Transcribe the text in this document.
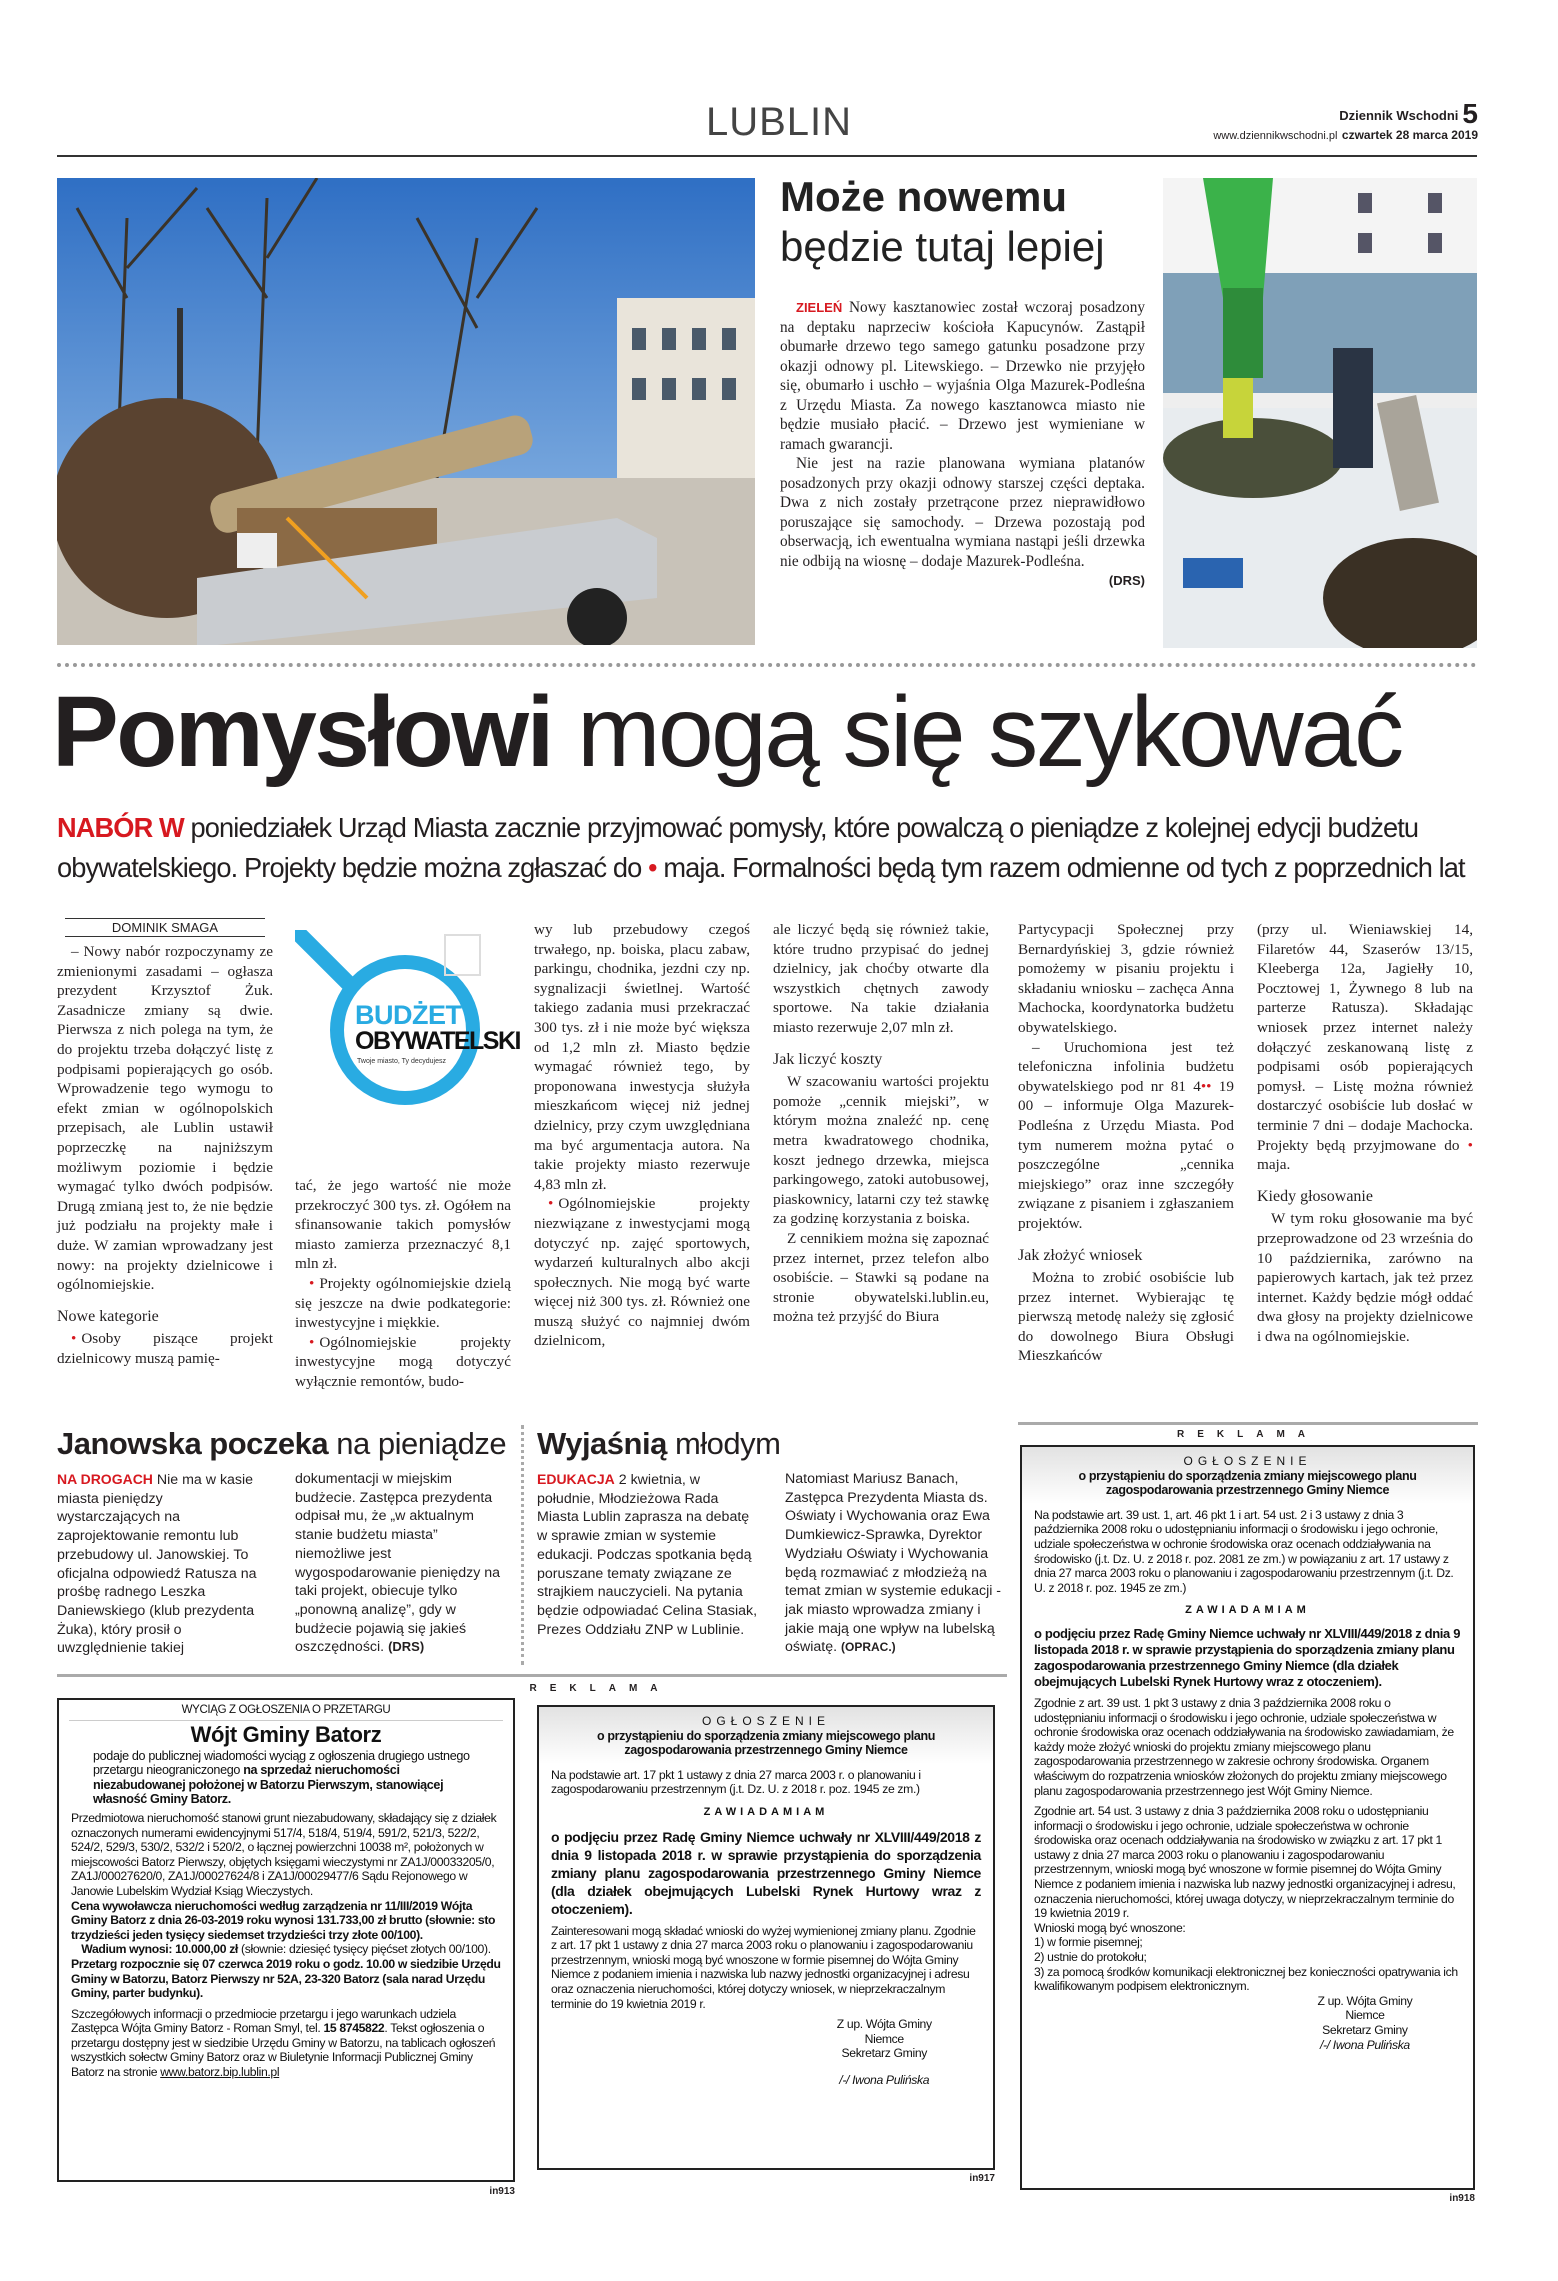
LUBLIN	Dziennik Wschodni 5
www.dziennikwschodni.pl czwartek 28 marca 2019
Może nowemu
będzie tutaj lepiej

ZIELEŃ Nowy kasztanowiec został wczoraj posadzony na deptaku naprzeciw kościoła Kapucynów. Zastąpił obumarłe drzewo tego samego gatunku posadzone przy okazji odnowy pl. Litewskiego. – Drzewko nie przyjęło się, obumarło i uschło – wyjaśnia Olga Mazurek-Podleśna z Urzędu Miasta. Za nowego kasztanowca miasto nie będzie musiało płacić. – Drzewo jest wymieniane w ramach gwarancji.

Nie jest na razie planowana wymiana platanów posadzonych przy okazji odnowy starszej części deptaka. Dwa z nich zostały przetrącone przez nieprawidłowo poruszające się samochody. – Drzewa pozostają pod obserwacją, ich ewentualna wymiana nastąpi jeśli drzewka nie odbiją na wiosnę – dodaje Mazurek-Podleśna.

(DRS)
Pomysłowi mogą się szykować
NABÓR W poniedziałek Urząd Miasta zacznie przyjmować pomysły, które powalczą o pieniądze z kolejnej edycji budżetu obywatelskiego. Projekty będzie można zgłaszać do • maja. Formalności będą tym razem odmienne od tych z poprzednich lat
DOMINIK SMAGA
BUDŻET
OBYWATELSKI
Twoje miasto, Ty decydujesz

– Nowy nabór rozpoczynamy ze zmienionymi zasadami – ogłasza prezydent Krzysztof Żuk. Zasadnicze zmiany są dwie. Pierwsza z nich polega na tym, że do projektu trzeba dołączyć listę z podpisami popierających go osób. Wprowadzenie tego wymogu to efekt zmian w ogólnopolskich przepisach, ale Lublin ustawił poprzeczkę na najniższym możliwym poziomie i będzie wymagać tylko dwóch podpisów. Drugą zmianą jest to, że nie będzie już podziału na projekty małe i duże. W zamian wprowadzany jest nowy: na projekty dzielnicowe i ogólnomiejskie.

Nowe kategorie

• Osoby piszące projekt dzielnicowy muszą pamię-

tać, że jego wartość nie może przekroczyć 300 tys. zł. Ogółem na sfinansowanie takich pomysłów miasto zamierza przeznaczyć 8,1 mln zł.

• Projekty ogólnomiejskie dzielą się jeszcze na dwie podkategorie: inwestycyjne i miękkie.

• Ogólnomiejskie projekty inwestycyjne mogą dotyczyć wyłącznie remontów, budo-

wy lub przebudowy czegoś trwałego, np. boiska, placu zabaw, parkingu, chodnika, jezdni czy np. sygnalizacji świetlnej. Wartość takiego zadania musi przekraczać 300 tys. zł i nie może być większa od 1,2 mln zł. Miasto będzie wymagać również tego, by proponowana inwestycja służyła mieszkańcom więcej niż jednej dzielnicy, przy czym uwzględniana ma być argumentacja autora. Na takie projekty miasto rezerwuje 4,83 mln zł.

• Ogólnomiejskie projekty niezwiązane z inwestycjami mogą dotyczyć np. zajęć sportowych, wydarzeń kulturalnych albo akcji społecznych. Nie mogą być warte więcej niż 300 tys. zł. Również one muszą służyć co najmniej dwóm dzielnicom,

ale liczyć będą się również takie, które trudno przypisać do jednej dzielnicy, jak choćby otwarte dla wszystkich chętnych zawody sportowe. Na takie działania miasto rezerwuje 2,07 mln zł.

Jak liczyć koszty

W szacowaniu wartości projektu pomoże „cennik miejski”, w którym można znaleźć np. cenę metra kwadratowego chodnika, koszt jednego drzewka, miejsca parkingowego, zatoki autobusowej, piaskownicy, latarni czy też stawkę za godzinę korzystania z boiska.

Z cennikiem można się zapoznać przez internet, przez telefon albo osobiście. – Stawki są podane na stronie obywatelski.lublin.eu, można też przyjść do Biura

Partycypacji Społecznej przy Bernardyńskiej 3, gdzie również pomożemy w pisaniu projektu i składaniu wniosku – zachęca Anna Machocka, koordynatorka budżetu obywatelskiego.

– Uruchomiona jest też telefoniczna infolinia budżetu obywatelskiego pod nr 81 4•• 19 00 – informuje Olga Mazurek-Podleśna z Urzędu Miasta. Pod tym numerem można pytać o poszczególne „cennika miejskiego” oraz inne szczegóły związane z pisaniem i zgłaszaniem projektów.

Jak złożyć wniosek

Można to zrobić osobiście lub przez internet. Wybierając tę pierwszą metodę należy się zgłosić do dowolnego Biura Obsługi Mieszkańców

(przy ul. Wieniawskiej 14, Filaretów 44, Szaserów 13/15, Kleeberga 12a, Jagiełły 10, Pocztowej 1, Żywnego 8 lub na parterze Ratusza). Składając wniosek przez internet należy dołączyć zeskanowaną listę z podpisami osób popierających pomysł. – Listę można również dostarczyć osobiście lub dosłać w terminie 7 dni – dodaje Machocka. Projekty będą przyjmowane do • maja.

Kiedy głosowanie

W tym roku głosowanie ma być przeprowadzone od 23 września do 10 października, zarówno na papierowych kartach, jak też przez internet. Każdy będzie mógł oddać dwa głosy na projekty dzielnicowe i dwa na ogólnomiejskie.

Janowska poczeka na pieniądze
NA DROGACH Nie ma w kasie miasta pieniędzy wystarczających na zaprojektowanie remontu lub przebudowy ul. Janowskiej. To oficjalna odpowiedź Ratusza na prośbę radnego Leszka Daniewskiego (klub prezydenta Żuka), który prosił o uwzględnienie takiej dokumentacji w miejskim budżecie. Zastępca prezydenta odpisał mu, że „w aktualnym stanie budżetu miasta” niemożliwe jest wygospodarowanie pieniędzy na taki projekt, obiecuje tylko „ponowną analizę”, gdy w budżecie pojawią się jakieś oszczędności. (DRS)
Wyjaśnią młodym
EDUKACJA 2 kwietnia, w południe, Młodzieżowa Rada Miasta Lublin zaprasza na debatę w sprawie zmian w systemie edukacji. Podczas spotkania będą poruszane tematy związane ze strajkiem nauczycieli. Na pytania będzie odpowiadać Celina Stasiak, Prezes Oddziału ZNP w Lublinie. Natomiast Mariusz Banach, Zastępca Prezydenta Miasta ds. Oświaty i Wychowania oraz Ewa Dumkiewicz-Sprawka, Dyrektor Wydziału Oświaty i Wychowania będą rozmawiać z młodzieżą na temat zmian w systemie edukacji - jak miasto wprowadza zmiany i jakie mają one wpływ na lubelską oświatę. (OPRAC.)
REKLAMA
OGŁOSZENIE
o przystąpieniu do sporządzenia zmiany miejscowego planu zagospodarowania przestrzennego Gminy Niemce

Na podstawie art. 39 ust. 1, art. 46 pkt 1 i art. 54 ust. 2 i 3 ustawy z dnia 3 października 2008 roku o udostępnianiu informacji o środowisku i jego ochronie, udziale społeczeństwa w ochronie środowiska oraz ocenach oddziaływania na środowisko (j.t. Dz. U. z 2018 r. poz. 2081 ze zm.) w powiązaniu z art. 17 ustawy z dnia 27 marca 2003 roku o planowaniu i zagospodarowaniu przestrzennym (j.t. Dz. U. z 2018 r. poz. 1945 ze zm.)

ZAWIADAMIAM

o podjęciu przez Radę Gminy Niemce uchwały nr XLVIII/449/2018 z dnia 9 listopada 2018 r. w sprawie przystąpienia do sporządzenia zmiany planu zagospodarowania przestrzennego Gminy Niemce (dla działek obejmujących Lubelski Rynek Hurtowy wraz z otoczeniem).

Zgodnie z art. 39 ust. 1 pkt 3 ustawy z dnia 3 października 2008 roku o udostępnianiu informacji o środowisku i jego ochronie, udziale społeczeństwa w ochronie środowiska oraz ocenach oddziaływania na środowisko zawiadamiam, że każdy może złożyć wnioski do projektu zmiany miejscowego planu zagospodarowania przestrzennego w zakresie ochrony środowiska. Organem właściwym do rozpatrzenia wniosków złożonych do projektu zmiany miejscowego planu zagospodarowania przestrzennego jest Wójt Gminy Niemce.

Zgodnie art. 54 ust. 3 ustawy z dnia 3 października 2008 roku o udostępnianiu informacji o środowisku i jego ochronie, udziale społeczeństwa w ochronie środowiska oraz ocenach oddziaływania na środowisko w związku z art. 17 pkt 1 ustawy z dnia 27 marca 2003 roku o planowaniu i zagospodarowaniu przestrzennym, wnioski mogą być wnoszone w formie pisemnej do Wójta Gminy Niemce z podaniem imienia i nazwiska lub nazwy jednostki organizacyjnej i adresu, oznaczenia nieruchomości, której uwaga dotyczy, w nieprzekraczalnym terminie do 19 kwietnia 2019 r.

Wnioski mogą być wnoszone:
1) w formie pisemnej;
2) ustnie do protokołu;
3) za pomocą środków komunikacji elektronicznej bez konieczności opatrywania ich kwalifikowanym podpisem elektronicznym.
Z up. Wójta Gminy
Niemce
Sekretarz Gminy
/-/ Iwona Pulińska
in918
REKLAMA
WYCIĄG Z OGŁOSZENIA O PRZETARGU
Wójt Gminy Batorz
podaje do publicznej wiadomości wyciąg z ogłoszenia drugiego ustnego przetargu nieograniczonego na sprzedaż nieruchomości niezabudowanej położonej w Batorzu Pierwszym, stanowiącej własność Gminy Batorz.

Przedmiotowa nieruchomość stanowi grunt niezabudowany, składający się z działek oznaczonych numerami ewidencyjnymi 517/4, 518/4, 519/4, 591/2, 521/3, 522/2, 524/2, 529/3, 530/2, 532/2 i 520/2, o łącznej powierzchni 10038 m², położonych w miejscowości Batorz Pierwszy, objętych księgami wieczystymi nr ZA1J/00033205/0, ZA1J/00027620/0, ZA1J/00027624/8 i ZA1J/00029477/6 Sądu Rejonowego w Janowie Lubelskim Wydział Ksiąg Wieczystych.

Cena wywoławcza nieruchomości według zarządzenia nr 11/III/2019 Wójta Gminy Batorz z dnia 26-03-2019 roku wynosi 131.733,00 zł brutto (słownie: sto trzydzieści jeden tysięcy siedemset trzydzieści trzy złote 00/100).

Wadium wynosi: 10.000,00 zł (słownie: dziesięć tysięcy pięćset złotych 00/100).

Przetarg rozpocznie się 07 czerwca 2019 roku o godz. 10.00 w siedzibie Urzędu Gminy w Batorzu, Batorz Pierwszy nr 52A, 23-320 Batorz (sala narad Urzędu Gminy, parter budynku).

Szczegółowych informacji o przedmiocie przetargu i jego warunkach udziela Zastępca Wójta Gminy Batorz - Roman Smyl, tel. 15 8745822. Tekst ogłoszenia o przetargu dostępny jest w siedzibie Urzędu Gminy w Batorzu, na tablicach ogłoszeń wszystkich sołectw Gminy Batorz oraz w Biuletynie Informacji Publicznej Gminy Batorz na stronie www.batorz.bip.lublin.pl

in913
OGŁOSZENIE
o przystąpieniu do sporządzenia zmiany miejscowego planu zagospodarowania przestrzennego Gminy Niemce

Na podstawie art. 17 pkt 1 ustawy z dnia 27 marca 2003 r. o planowaniu i zagospodarowaniu przestrzennym (j.t. Dz. U. z 2018 r. poz. 1945 ze zm.)

ZAWIADAMIAM

o podjęciu przez Radę Gminy Niemce uchwały nr XLVIII/449/2018 z dnia 9 listopada 2018 r. w sprawie przystąpienia do sporządzenia zmiany planu zagospodarowania przestrzennego Gminy Niemce (dla działek obejmujących Lubelski Rynek Hurtowy wraz z otoczeniem).

Zainteresowani mogą składać wnioski do wyżej wymienionej zmiany planu. Zgodnie z art. 17 pkt 1 ustawy z dnia 27 marca 2003 roku o planowaniu i zagospodarowaniu przestrzennym, wnioski mogą być wnoszone w formie pisemnej do Wójta Gminy Niemce z podaniem imienia i nazwiska lub nazwy jednostki organizacyjnej i adresu oraz oznaczenia nieruchomości, której dotyczy wniosek, w nieprzekraczalnym terminie do 19 kwietnia 2019 r.

Z up. Wójta Gminy
Niemce
Sekretarz Gminy
/-/ Iwona Pulińska
in917
